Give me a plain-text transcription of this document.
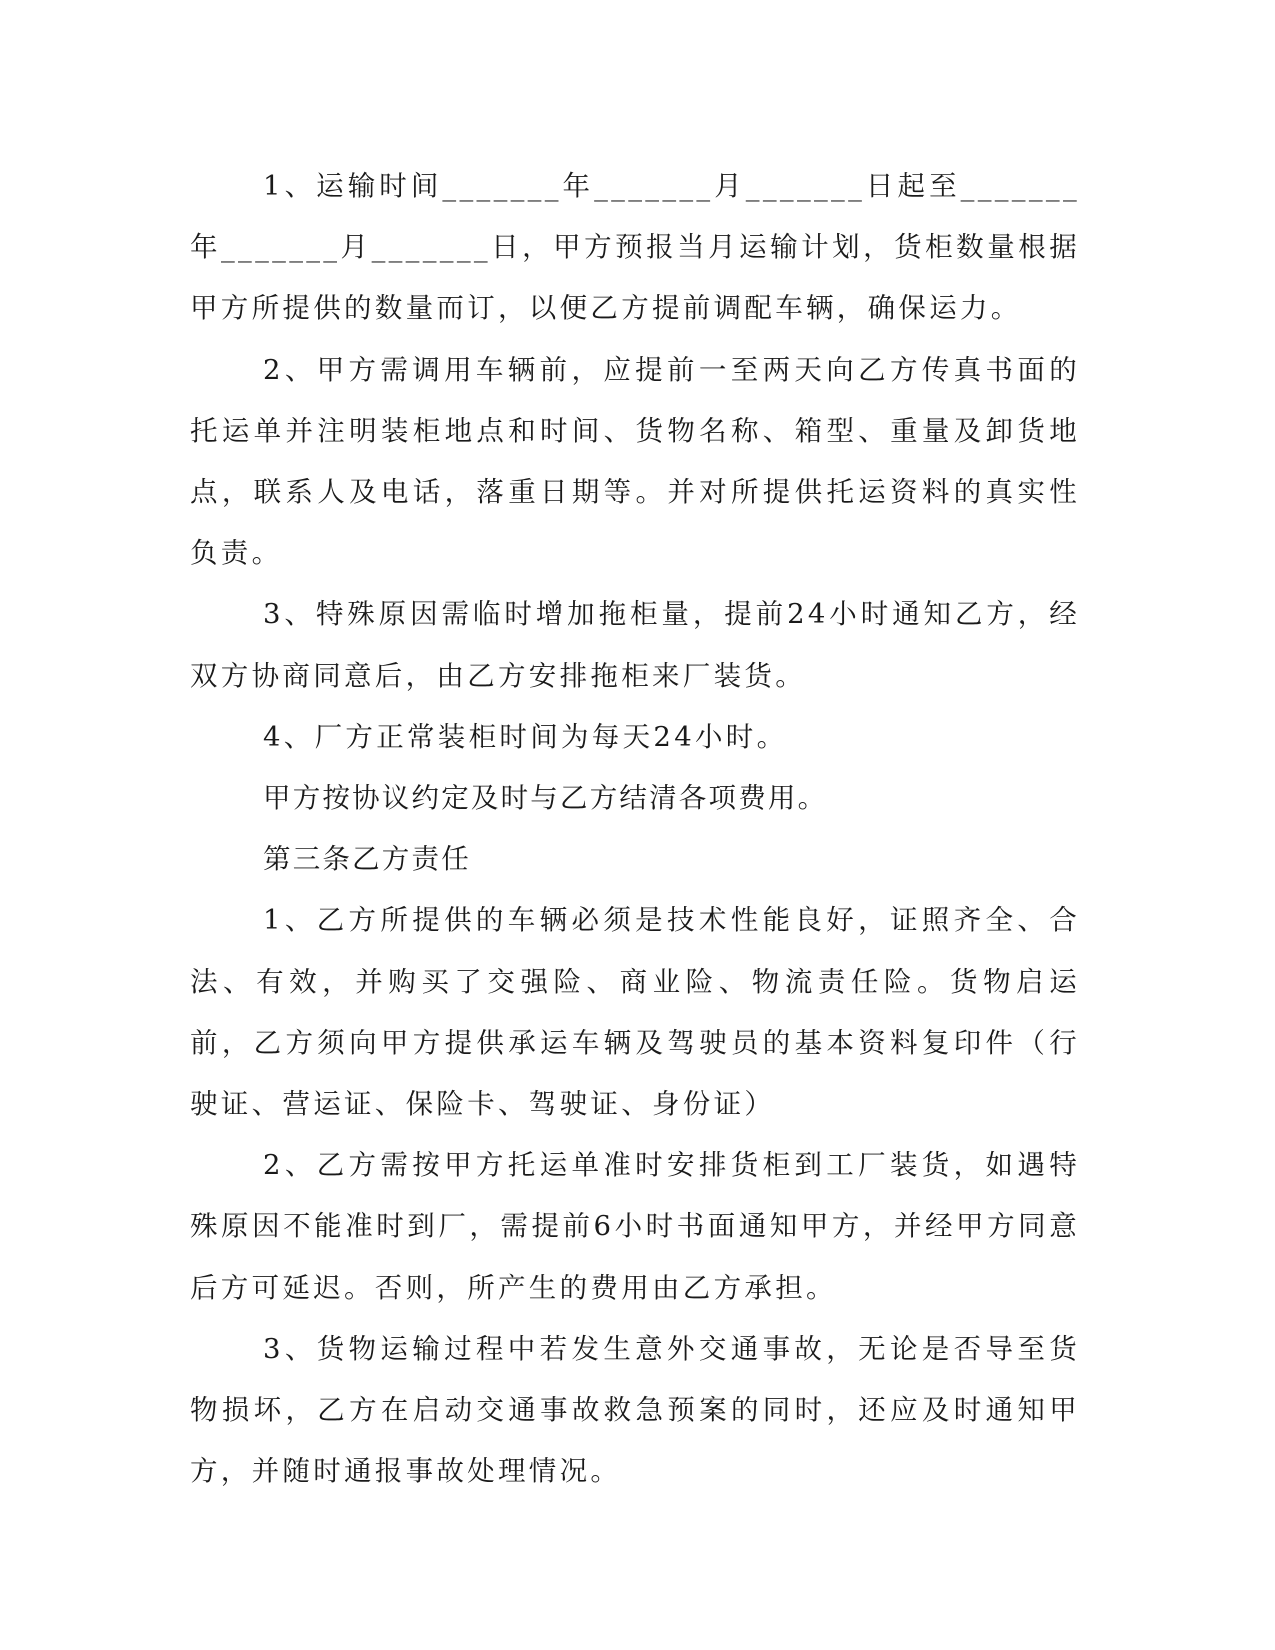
1、运输时间_______年_______月_______日起至_______年_______月_______日，甲方预报当月运输计划，货柜数量根据甲方所提供的数量而订，以便乙方提前调配车辆，确保运力。

2、甲方需调用车辆前，应提前一至两天向乙方传真书面的托运单并注明装柜地点和时间、货物名称、箱型、重量及卸货地点，联系人及电话，落重日期等。并对所提供托运资料的真实性负责。

3、特殊原因需临时增加拖柜量，提前24小时通知乙方，经双方协商同意后，由乙方安排拖柜来厂装货。

4、厂方正常装柜时间为每天24小时。

甲方按协议约定及时与乙方结清各项费用。

第三条乙方责任

1、乙方所提供的车辆必须是技术性能良好，证照齐全、合法、有效，并购买了交强险、商业险、物流责任险。货物启运前，乙方须向甲方提供承运车辆及驾驶员的基本资料复印件（行驶证、营运证、保险卡、驾驶证、身份证）

2、乙方需按甲方托运单准时安排货柜到工厂装货，如遇特殊原因不能准时到厂，需提前6小时书面通知甲方，并经甲方同意后方可延迟。否则，所产生的费用由乙方承担。

3、货物运输过程中若发生意外交通事故，无论是否导至货物损坏，乙方在启动交通事故救急预案的同时，还应及时通知甲方，并随时通报事故处理情况。
